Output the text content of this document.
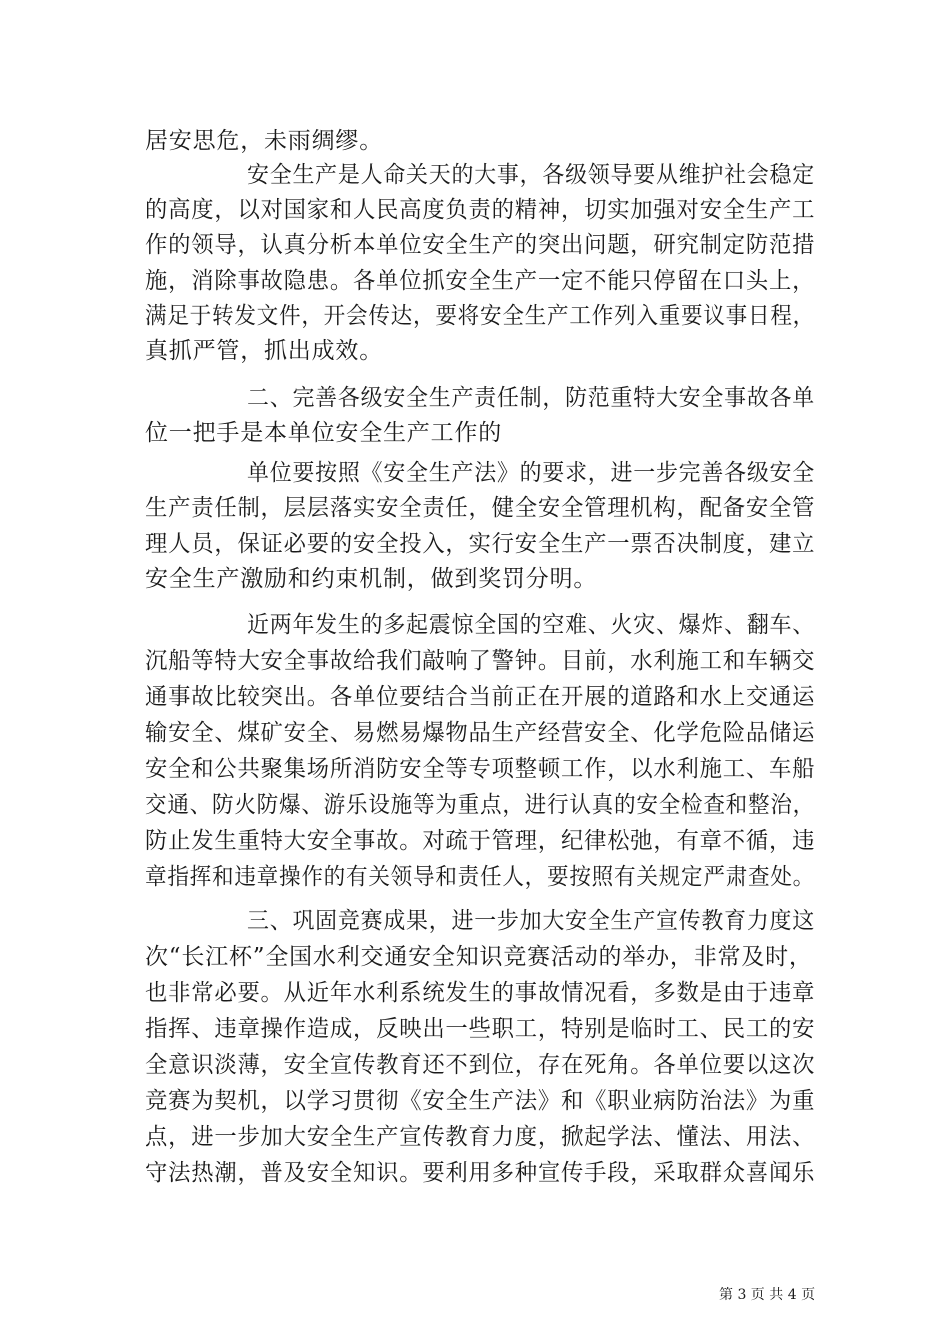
居安思危，未雨绸缪。
安全生产是人命关天的大事，各级领导要从维护社会稳定
的高度，以对国家和人民高度负责的精神，切实加强对安全生产工
作的领导，认真分析本单位安全生产的突出问题，研究制定防范措
施，消除事故隐患。各单位抓安全生产一定不能只停留在口头上，
满足于转发文件，开会传达，要将安全生产工作列入重要议事日程，
真抓严管，抓出成效。
二、完善各级安全生产责任制，防范重特大安全事故各单
位一把手是本单位安全生产工作的
单位要按照《安全生产法》的要求，进一步完善各级安全
生产责任制，层层落实安全责任，健全安全管理机构，配备安全管
理人员，保证必要的安全投入，实行安全生产一票否决制度，建立
安全生产激励和约束机制，做到奖罚分明。
近两年发生的多起震惊全国的空难、火灾、爆炸、翻车、
沉船等特大安全事故给我们敲响了警钟。目前，水利施工和车辆交
通事故比较突出。各单位要结合当前正在开展的道路和水上交通运
输安全、煤矿安全、易燃易爆物品生产经营安全、化学危险品储运
安全和公共聚集场所消防安全等专项整顿工作，以水利施工、车船
交通、防火防爆、游乐设施等为重点，进行认真的安全检查和整治，
防止发生重特大安全事故。对疏于管理，纪律松弛，有章不循，违
章指挥和违章操作的有关领导和责任人，要按照有关规定严肃查处。
三、巩固竞赛成果，进一步加大安全生产宣传教育力度这
次“长江杯”全国水利交通安全知识竞赛活动的举办，非常及时，
也非常必要。从近年水利系统发生的事故情况看，多数是由于违章
指挥、违章操作造成，反映出一些职工，特别是临时工、民工的安
全意识淡薄，安全宣传教育还不到位，存在死角。各单位要以这次
竞赛为契机，以学习贯彻《安全生产法》和《职业病防治法》为重
点，进一步加大安全生产宣传教育力度，掀起学法、懂法、用法、
守法热潮，普及安全知识。要利用多种宣传手段，采取群众喜闻乐
第 3 页 共 4 页
